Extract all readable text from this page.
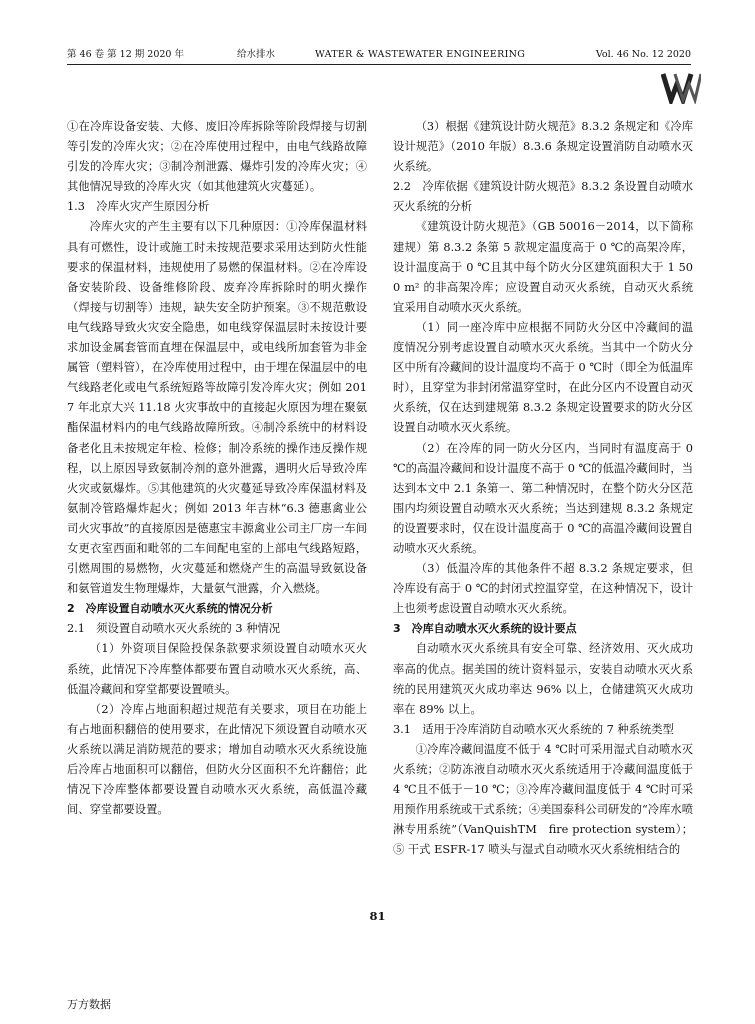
第 46 卷 第 12 期 2020 年	给水排水	WATER & WASTEWATER ENGINEERING	Vol. 46 No. 12 2020

①在冷库设备安装、大修、废旧冷库拆除等阶段焊接与切割等引发的冷库火灾；②在冷库使用过程中，由电气线路故障引发的冷库火灾；③制冷剂泄露、爆炸引发的冷库火灾；④其他情况导致的冷库火灾（如其他建筑火灾蔓延）。

1.3　冷库火灾产生原因分析

冷库火灾的产生主要有以下几种原因：①冷库保温材料具有可燃性，设计或施工时未按规范要求采用达到防火性能要求的保温材料，违规使用了易燃的保温材料。②在冷库设备安装阶段、设备维修阶段、废弃冷库拆除时的明火操作（焊接与切割等）违规，缺失安全防护预案。③不规范敷设电气线路导致火灾安全隐患，如电线穿保温层时未按设计要求加设金属套管而直埋在保温层中，或电线所加套管为非金属管（塑料管），在冷库使用过程中，由于埋在保温层中的电气线路老化或电气系统短路等故障引发冷库火灾；例如 2017 年北京大兴 11.18 火灾事故中的直接起火原因为埋在聚氨酯保温材料内的电气线路故障所致。④制冷系统中的材料设备老化且未按规定年检、检修；制冷系统的操作违反操作规程，以上原因导致氨制冷剂的意外泄露，遇明火后导致冷库火灾或氨爆炸。⑤其他建筑的火灾蔓延导致冷库保温材料及氨制冷管路爆炸起火；例如 2013 年吉林“6.3 德惠禽业公司火灾事故”的直接原因是德惠宝丰源禽业公司主厂房一车间女更衣室西面和毗邻的二车间配电室的上部电气线路短路，引燃周围的易燃物，火灾蔓延和燃烧产生的高温导致氨设备和氨管道发生物理爆炸，大量氨气泄露，介入燃烧。

2　冷库设置自动喷水灭火系统的情况分析

2.1　须设置自动喷水灭火系统的 3 种情况

（1）外资项目保险投保条款要求须设置自动喷水灭火系统，此情况下冷库整体都要布置自动喷水灭火系统，高、低温冷藏间和穿堂都要设置喷头。

（2）冷库占地面积超过规范有关要求，项目在功能上有占地面积翻倍的使用要求，在此情况下须设置自动喷水灭火系统以满足消防规范的要求；增加自动喷水灭火系统设施后冷库占地面积可以翻倍，但防火分区面积不允许翻倍；此情况下冷库整体都要设置自动喷水灭火系统，高低温冷藏间、穿堂都要设置。

（3）根据《建筑设计防火规范》8.3.2 条规定和《冷库设计规范》（2010 年版）8.3.6 条规定设置消防自动喷水灭火系统。

2.2　冷库依据《建筑设计防火规范》8.3.2 条设置自动喷水灭火系统的分析

《建筑设计防火规范》（GB 50016－2014，以下简称建规）第 8.3.2 条第 5 款规定温度高于 0 ℃的高架冷库，设计温度高于 0 ℃且其中每个防火分区建筑面积大于 1 500 m² 的非高架冷库；应设置自动灭火系统，自动灭火系统宜采用自动喷水灭火系统。

（1）同一座冷库中应根据不同防火分区中冷藏间的温度情况分别考虑设置自动喷水灭火系统。当其中一个防火分区中所有冷藏间的设计温度均不高于 0 ℃时（即全为低温库时），且穿堂为非封闭常温穿堂时，在此分区内不设置自动灭火系统，仅在达到建规第 8.3.2 条规定设置要求的防火分区设置自动喷水灭火系统。

（2）在冷库的同一防火分区内，当同时有温度高于 0 ℃的高温冷藏间和设计温度不高于 0 ℃的低温冷藏间时，当达到本文中 2.1 条第一、第二种情况时，在整个防火分区范围内均须设置自动喷水灭火系统；当达到建规 8.3.2 条规定的设置要求时，仅在设计温度高于 0 ℃的高温冷藏间设置自动喷水灭火系统。

（3）低温冷库的其他条件不超 8.3.2 条规定要求，但冷库设有高于 0 ℃的封闭式控温穿堂，在这种情况下，设计上也须考虑设置自动喷水灭火系统。

3　冷库自动喷水灭火系统的设计要点

自动喷水灭火系统具有安全可靠、经济效用、灭火成功率高的优点。据美国的统计资料显示，安装自动喷水灭火系统的民用建筑灭火成功率达 96% 以上，仓储建筑灭火成功率在 89% 以上。

3.1　适用于冷库消防自动喷水灭火系统的 7 种系统类型

①冷库冷藏间温度不低于 4 ℃时可采用湿式自动喷水灭火系统；②防冻液自动喷水灭火系统适用于冷藏间温度低于 4 ℃且不低于－10 ℃；③冷库冷藏间温度低于 4 ℃时可采用预作用系统或干式系统；④美国泰科公司研发的“冷库水喷淋专用系统”（VanQuishTM　fire protection system）；⑤ 干式 ESFR-17 喷头与湿式自动喷水灭火系统相结合的

81
万方数据
